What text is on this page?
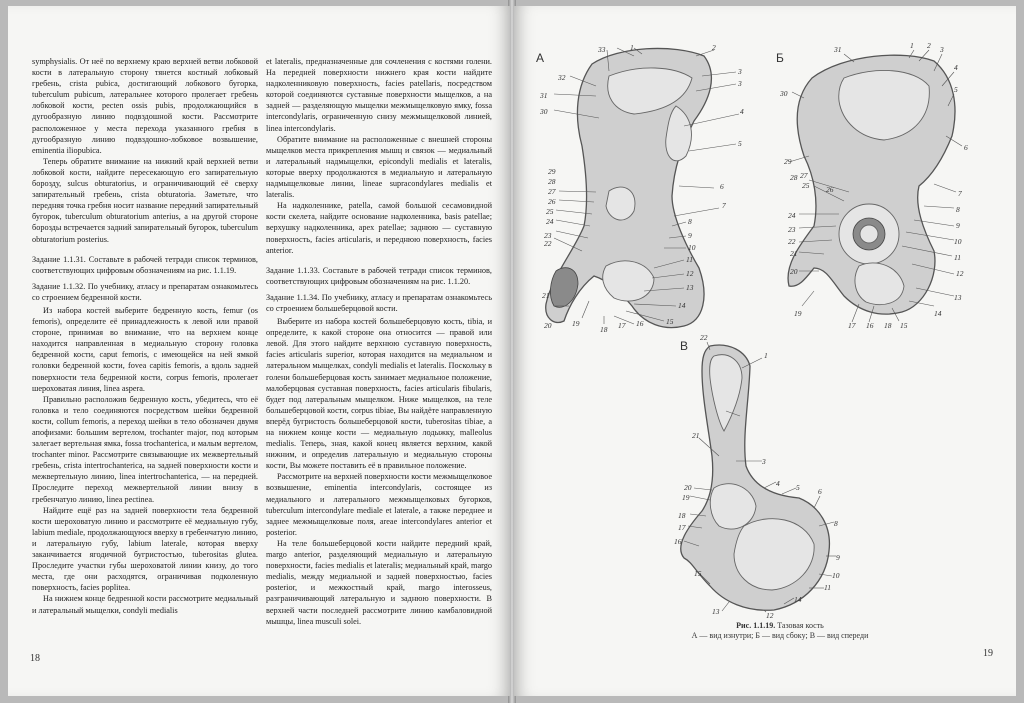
symphysialis. От неё по верхнему краю верхней ветви лобковой кости в латеральную сторону тянется костный лобковый гребень, crista pubica, достигающий лобкового бугорка, tuberculum pubicum, латеральнее которого пролегает гребень лобковой кости, pecten ossis pubis, продолжающийся в дугообразную линию подвздошной кости. Рассмотрите расположенное у места перехода указанного гребня в дугообразную линию подвздошно-лобковое возвышение, eminentia iliopubica.

Теперь обратите внимание на нижний край верхней ветви лобковой кости, найдите пересекающую его запирательную борозду, sulcus obturatorius, и ограничивающий её сверху запирательный гребень, crista obturatoria. Заметьте, что передняя точка гребня носит название передний запирательный бугорок, tuberculum obturatorium anterius, а на другой стороне борозды встречается задний запирательный бугорок, tuberculum obturatorium posterius.

Задание 1.1.31. Составьте в рабочей тетради список терминов, соответствующих цифровым обозначениям на рис. 1.1.19.

Задание 1.1.32. По учебнику, атласу и препаратам ознакомьтесь со строением бедренной кости.

Из набора костей выберите бедренную кость, femur (os femoris), определите её принадлежность к левой или правой стороне, принимая во внимание, что на верхнем конце находится направленная в медиальную сторону головка бедренной кости, caput femoris, с имеющейся на ней ямкой головки бедренной кости, fovea capitis femoris, а вдоль задней поверхности тела бедренной кости, corpus femoris, пролегает шероховатая линия, linea aspera.

Правильно расположив бедренную кость, убедитесь, что её головка и тело соединяются посредством шейки бедренной кости, collum femoris, а переход шейки в тело обозначен двумя апофизами: большим вертелом, trochanter major, под которым залегает вертельная ямка, fossa trochanterica, и малым вертелом, trochanter minor. Рассмотрите связывающие их межвертельный гребень, crista intertrochanterica, на задней поверхности кости и межвертельную линию, linea intertrochanterica, — на передней. Проследите переход межвертельной линии внизу в гребенчатую линию, linea pectinea.

Найдите ещё раз на задней поверхности тела бедренной кости шероховатую линию и рассмотрите её медиальную губу, labium mediale, продолжающуюся вверху в гребенчатую линию, и латеральную губу, labium laterale, которая вверху заканчивается ягодичной бугристостью, tuberositas glutea. Проследите участки губы шероховатой линии книзу, до того места, где они расходятся, ограничивая подколенную поверхность, facies poplitea.

На нижнем конце бедренной кости рассмотрите медиальный и латеральный мыщелки, condyli medialis

et lateralis, предназначенные для сочленения с костями голени. На передней поверхности нижнего края кости найдите надколенниковую поверхность, facies patellaris, посредством которой соединяются суставные поверхности мыщелков, а на задней — разделяющую мыщелки межмыщелковую ямку, fossa intercondylaris, ограниченную снизу межмыщелковой линией, linea intercondylaris.

Обратите внимание на расположенные с внешней стороны мыщелков места прикрепления мышц и связок — медиальный и латеральный надмыщелки, epicondyli medialis et lateralis, которые вверху продолжаются в медиальную и латеральную надмыщелковые линии, lineae supracondylares medialis et lateralis.

На надколеннике, patella, самой большой сесамовидной кости скелета, найдите основание надколенника, basis patellae; верхушку надколенника, apex patellae; заднюю — суставную поверхность, facies articularis, и переднюю поверхность, facies anterior.

Задание 1.1.33. Составьте в рабочей тетради список терминов, соответствующих цифровым обозначениям на рис. 1.1.20.

Задание 1.1.34. По учебнику, атласу и препаратам ознакомьтесь со строением большеберцовой кости.

Выберите из набора костей большеберцовую кость, tibia, и определите, к какой стороне она относится — правой или левой. Для этого найдите верхнюю суставную поверхность, facies articularis superior, которая находится на медиальном и латеральном мыщелках, condyli medialis et lateralis. Поскольку в голени большеберцовая кость занимает медиальное положение, малоберцовая суставная поверхность, facies articularis fibularis, будет под латеральным мыщелком. Ниже мыщелков, на теле большеберцовой кости, corpus tibiae, Вы найдёте направленную вперёд бугристость большеберцовой кости, tuberositas tibiae, а на нижнем конце кости — медиальную лодыжку, malleolus medialis. Теперь, зная, какой конец является верхним, какой нижним, и определив латеральную и медиальную стороны кости, Вы можете поставить её в правильное положение.

Рассмотрите на верхней поверхности кости межмыщелковое возвышение, eminentia intercondylaris, состоящее из медиального и латерального межмыщелковых бугорков, tuberculum intercondylare mediale et laterale, а также переднее и заднее межмыщелковые поля, areae intercondylares anterior et posterior.

На теле большеберцовой кости найдите передний край, margo anterior, разделяющий медиальную и латеральную поверхности, facies medialis et lateralis; медиальный край, margo medialis, между медиальной и задней поверхностью, facies posterior, и межкостный край, margo interosseus, разграничивающий латеральную и заднюю поверхности. В верхней части последней рассмотрите линию камбаловидной мышцы, linea musculi solei.

18	19
А	Б
В
33	1	2
3
3
4
5
6
7
8
9
10
11
12
13
14
15
16
18
19
20
21
22
23
24
25
26
27
28
29
30
31
32
17
31	1 2 3
4
5
6
7
8
9
10
11
12
13
14
15
16
17	18
19
20
21
22
23
24
25 26
27
28
29
30
22
1
3
21
4 5 6
8
9
10
11
14
12
13
15
16
17
18
19
20
Рис. 1.1.19. Тазовая кость
А — вид изнутри; Б — вид сбоку; В — вид спереди
